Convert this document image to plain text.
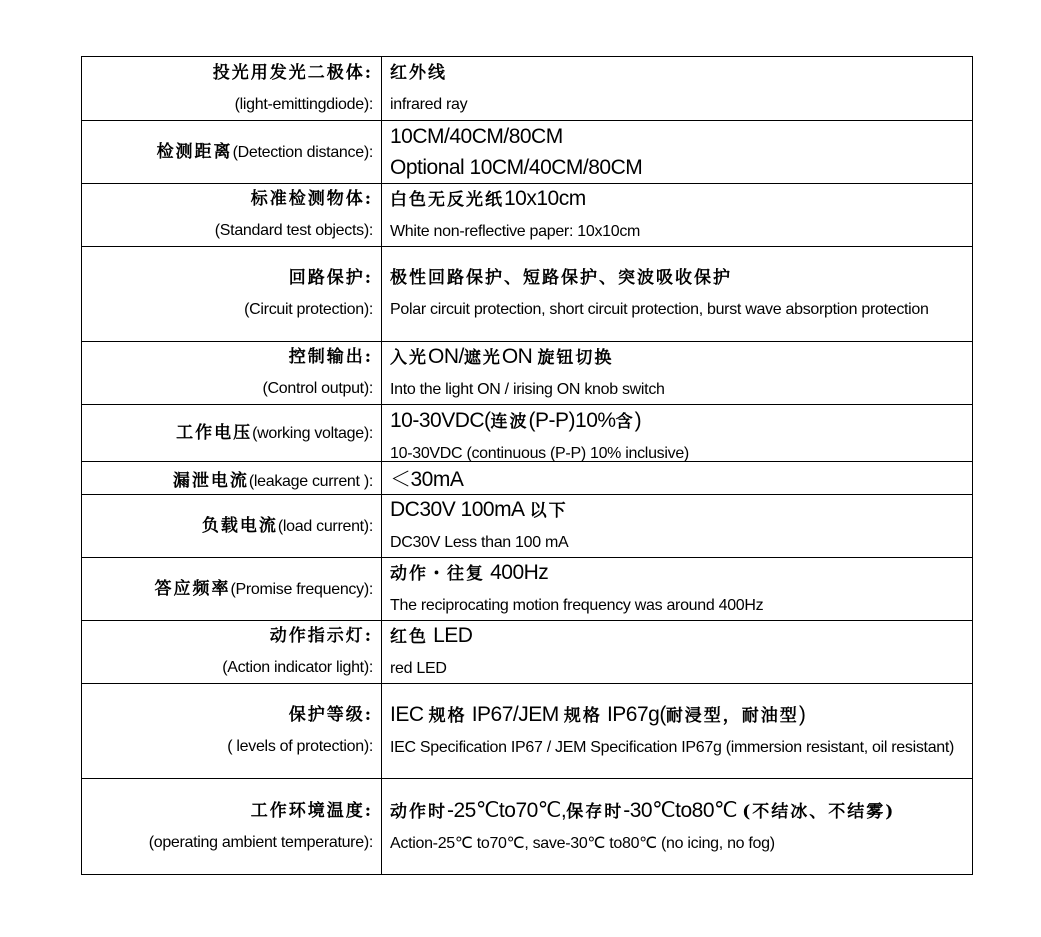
投光用发光二极体:
(light-emittingdiode):
红外线
infrared ray
检测距离 (Detection distance):
10CM/40CM/80CM
Optional 10CM/40CM/80CM
标准检测物体:
(Standard test objects):
白色无反光纸10x10cm
White non-reflective paper: 10x10cm
回路保护:
(Circuit protection):
极性回路保护、短路保护、突波吸收保护
Polar circuit protection, short circuit protection, burst wave absorption protection
控制输出:
(Control output):
入光ON/遮光ON 旋钮切换
Into the light ON / irising ON knob switch
工作电压 (working voltage):
10-30VDC(连波(P-P)10%含)
10-30VDC (continuous (P-P) 10% inclusive)
漏泄电流 (leakage current ): ＜30mA
负载电流 (load current):
DC30V 100mA 以下
DC30V Less than 100 mA
答应频率 (Promise frequency):
动作・往复 400Hz
The reciprocating motion frequency was around 400Hz
动作指示灯:
(Action indicator light):
红色 LED
red LED
保护等级:
( levels of protection):
IEC 规格 IP67/JEM 规格 IP67g(耐浸型，耐油型)
IEC Specification IP67 / JEM Specification IP67g (immersion resistant, oil resistant)
工作环境温度:
(operating ambient temperature):
动作时-25℃to70℃,保存时-30℃to80℃ (不结冰、不结雾)
Action-25℃ to70℃, save-30℃ to80℃ (no icing, no fog)
